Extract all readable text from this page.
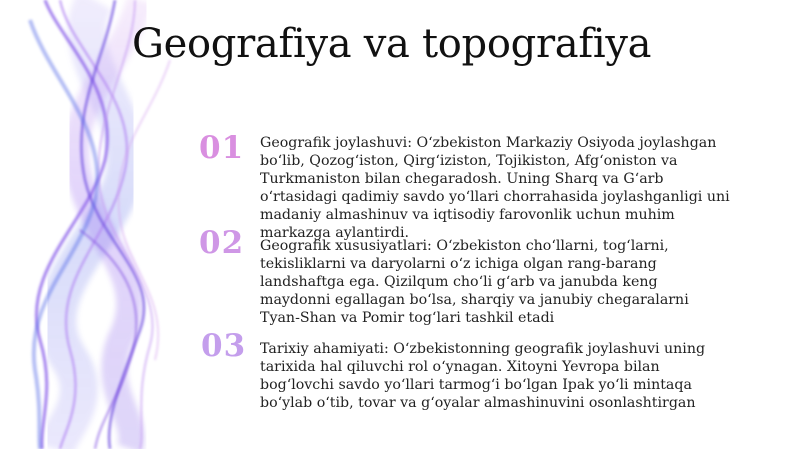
Geografiya va topografiya
01 Geografik joylashuvi: O‘zbekiston Markaziy Osiyoda joylashgan bo‘lib, Qozog‘iston, Qirg‘iziston, Tojikiston, Afg‘oniston va Turkmaniston bilan chegaradosh. Uning Sharq va G‘arb o‘rtasidagi qadimiy savdo yo‘llari chorrahasida joylashganligi uni madaniy almashinuv va iqtisodiy farovonlik uchun muhim markazga aylantirdi.
02 Geografik xususiyatlari: O‘zbekiston cho‘llarni, tog‘larni, tekisliklarni va daryolarni o‘z ichiga olgan rang-barang landshaftga ega. Qizilqum cho‘li g‘arb va janubda keng maydonni egallagan bo‘lsa, sharqiy va janubiy chegaralarni Tyan-Shan va Pomir tog‘lari tashkil etadi
03 Tarixiy ahamiyati: O‘zbekistonning geografik joylashuvi uning tarixida hal qiluvchi rol o‘ynagan. Xitoyni Yevropa bilan bog‘lovchi savdo yo‘llari tarmog‘i bo‘lgan Ipak yo‘li mintaqa bo‘ylab o‘tib, tovar va g‘oyalar almashinuvini osonlashtirgan
